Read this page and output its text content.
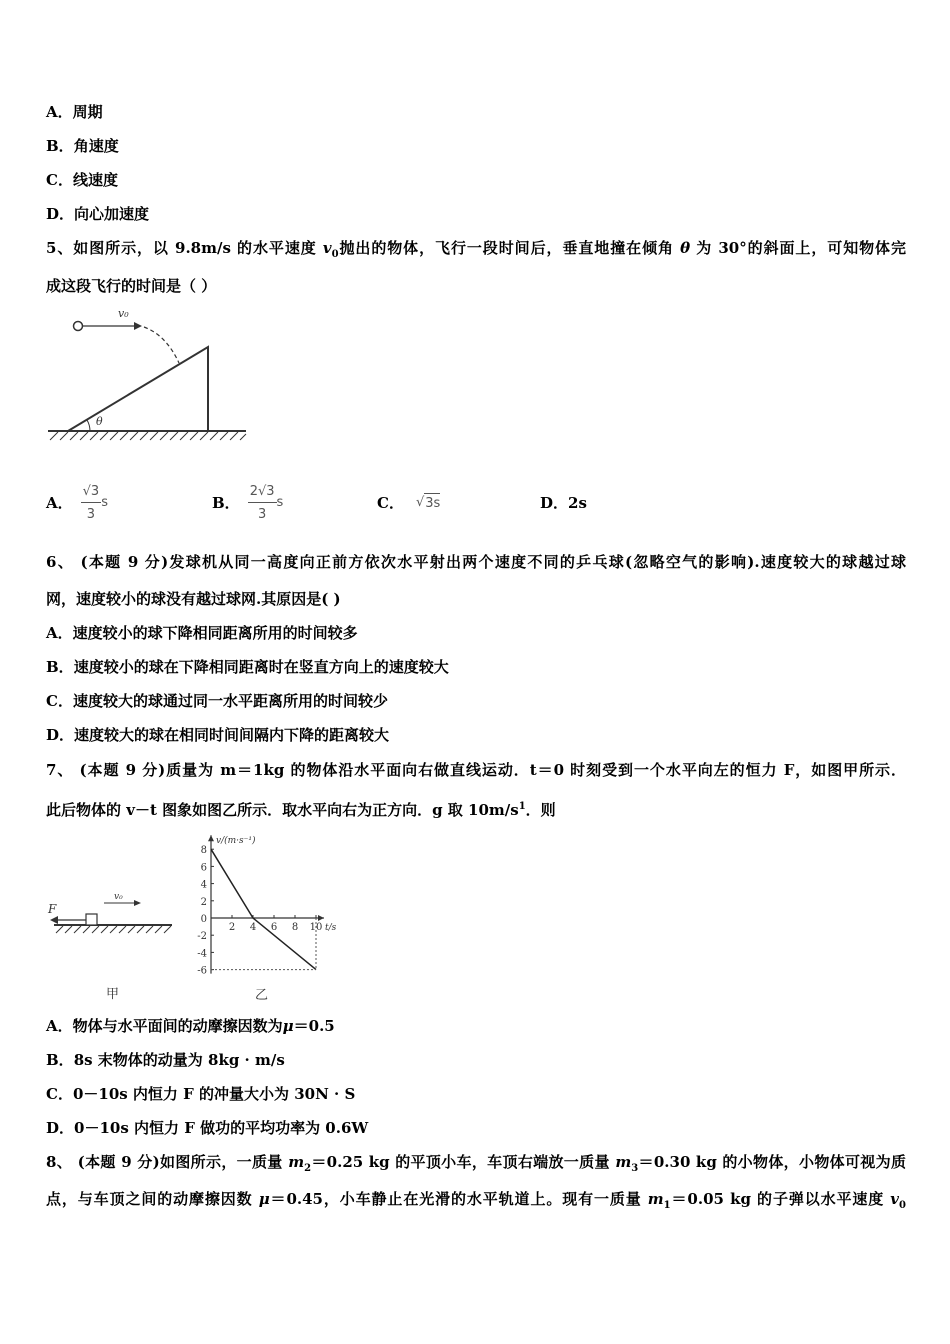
A．周期
B．角速度
C．线速度
D．向心加速度
5、如图所示，以 9.8m/s 的水平速度 $v_0$抛出的物体，飞行一段时间后，垂直地撞在倾角 θ 为 30°的斜面上，可知物体完
成这段飞行的时间是（ ）
θ
v₀
A． $\frac{√3}{3}$ s	B． $\frac{2√3}{3}$ s	C． √ 3s	D．2s
6、 (本题 9 分)发球机从同一高度向正前方依次水平射出两个速度不同的乒乓球(忽略空气的影响).速度较大的球越过球
网，速度较小的球没有越过球网.其原因是( )
A．速度较小的球下降相同距离所用的时间较多
B．速度较小的球在下降相同距离时在竖直方向上的速度较大
C．速度较大的球通过同一水平距离所用的时间较少
D．速度较大的球在相同时间间隔内下降的距离较大
7、 (本题 9 分)质量为 m＝1kg 的物体沿水平面向右做直线运动．t＝0 时刻受到一个水平向左的恒力 F，如图甲所示．
此后物体的 v－t 图象如图乙所示．取水平向右为正方向．g 取 $10m/s^1$．则
F
v₀
甲	乙
v/(m·s⁻¹)
t/s
8
6
4
2
0
-2
-4
-6
2 4 6 8 10
A．物体与水平面间的动摩擦因数为μ＝0.5
B．8s 末物体的动量为 8kg · m/s
C．0－10s 内恒力 F 的冲量大小为 30N · S
D．0－10s 内恒力 F 做功的平均功率为 0.6W
8、 (本题 9 分)如图所示，一质量 $m_2=0.25$ kg 的平顶小车，车顶右端放一质量 $m_3=0.30$ kg 的小物体，小物体可视为质
点，与车顶之间的动摩擦因数 μ＝0.45，小车静止在光滑的水平轨道上。现有一质量 $m_1=0.05$ kg 的子弹以水平速度 $v_0$
